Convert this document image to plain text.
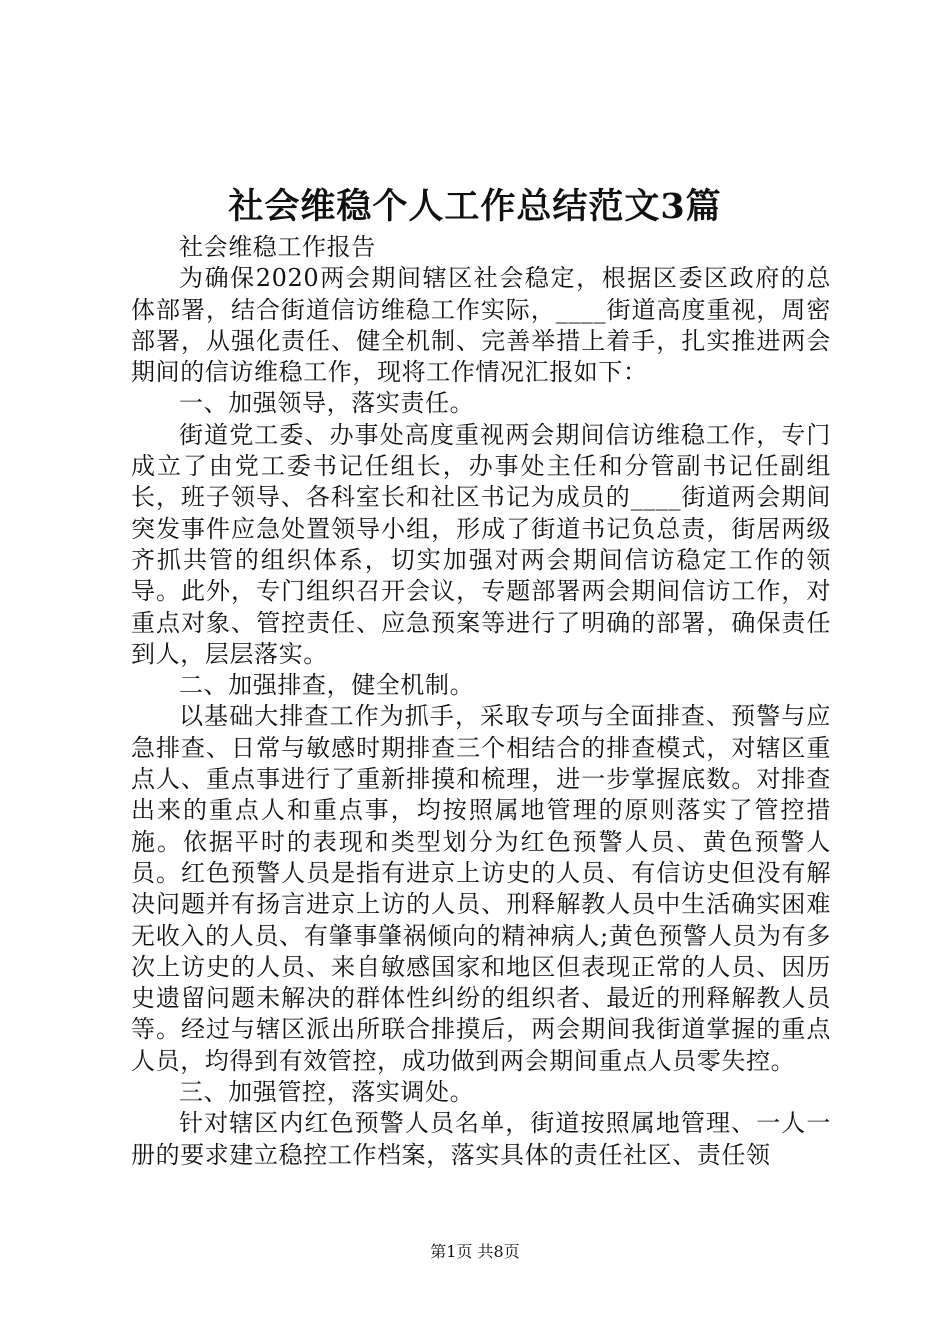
社会维稳个人工作总结范文3篇

社会维稳工作报告

为确保2020两会期间辖区社会稳定，根据区委区政府的总体部署，结合街道信访维稳工作实际，____街道高度重视，周密部署，从强化责任、健全机制、完善举措上着手，扎实推进两会期间的信访维稳工作，现将工作情况汇报如下：

一、加强领导，落实责任。

街道党工委、办事处高度重视两会期间信访维稳工作，专门成立了由党工委书记任组长，办事处主任和分管副书记任副组长，班子领导、各科室长和社区书记为成员的____街道两会期间突发事件应急处置领导小组，形成了街道书记负总责，街居两级齐抓共管的组织体系，切实加强对两会期间信访稳定工作的领导。此外，专门组织召开会议，专题部署两会期间信访工作，对重点对象、管控责任、应急预案等进行了明确的部署，确保责任到人，层层落实。

二、加强排查，健全机制。

以基础大排查工作为抓手，采取专项与全面排查、预警与应急排查、日常与敏感时期排查三个相结合的排查模式，对辖区重点人、重点事进行了重新排摸和梳理，进一步掌握底数。对排查出来的重点人和重点事，均按照属地管理的原则落实了管控措施。依据平时的表现和类型划分为红色预警人员、黄色预警人员。红色预警人员是指有进京上访史的人员、有信访史但没有解决问题并有扬言进京上访的人员、刑释解教人员中生活确实困难无收入的人员、有肇事肇祸倾向的精神病人;黄色预警人员为有多次上访史的人员、来自敏感国家和地区但表现正常的人员、因历史遗留问题未解决的群体性纠纷的组织者、最近的刑释解教人员等。经过与辖区派出所联合排摸后，两会期间我街道掌握的重点人员，均得到有效管控，成功做到两会期间重点人员零失控。

三、加强管控，落实调处。

针对辖区内红色预警人员名单，街道按照属地管理、一人一册的要求建立稳控工作档案，落实具体的责任社区、责任领

第1页 共8页
